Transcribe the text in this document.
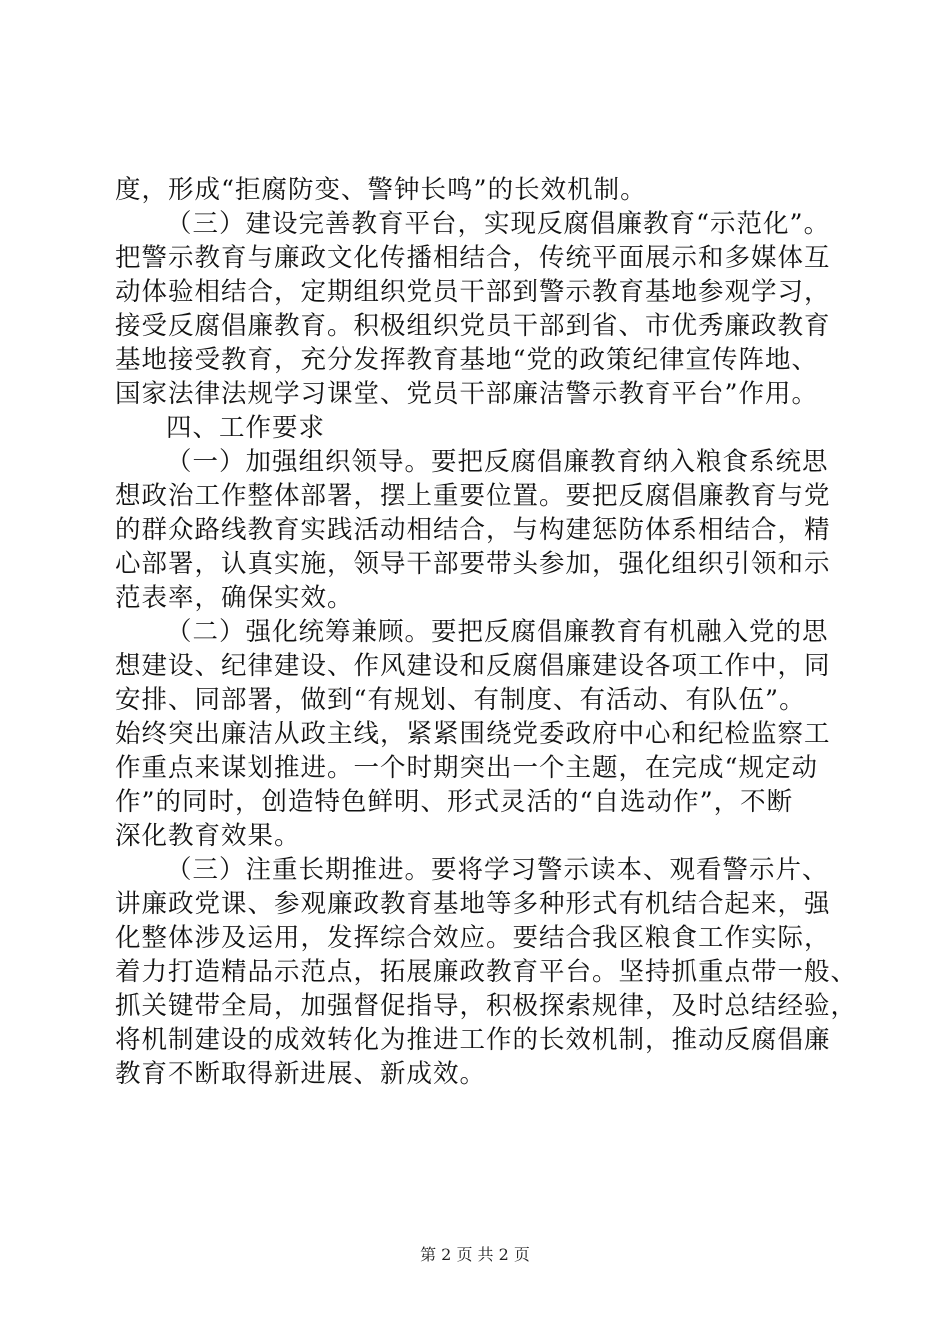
度，形成“拒腐防变、警钟长鸣”的长效机制。
（三）建设完善教育平台，实现反腐倡廉教育“示范化”。
把警示教育与廉政文化传播相结合，传统平面展示和多媒体互
动体验相结合，定期组织党员干部到警示教育基地参观学习，
接受反腐倡廉教育。积极组织党员干部到省、市优秀廉政教育
基地接受教育，充分发挥教育基地“党的政策纪律宣传阵地、
国家法律法规学习课堂、党员干部廉洁警示教育平台”作用。
四、工作要求
（一）加强组织领导。要把反腐倡廉教育纳入粮食系统思
想政治工作整体部署，摆上重要位置。要把反腐倡廉教育与党
的群众路线教育实践活动相结合，与构建惩防体系相结合，精
心部署，认真实施，领导干部要带头参加，强化组织引领和示
范表率，确保实效。
（二）强化统筹兼顾。要把反腐倡廉教育有机融入党的思
想建设、纪律建设、作风建设和反腐倡廉建设各项工作中，同
安排、同部署，做到“有规划、有制度、有活动、有队伍”。
始终突出廉洁从政主线，紧紧围绕党委政府中心和纪检监察工
作重点来谋划推进。一个时期突出一个主题，在完成“规定动
作”的同时，创造特色鲜明、形式灵活的“自选动作”，不断
深化教育效果。
（三）注重长期推进。要将学习警示读本、观看警示片、
讲廉政党课、参观廉政教育基地等多种形式有机结合起来，强
化整体涉及运用，发挥综合效应。要结合我区粮食工作实际，
着力打造精品示范点，拓展廉政教育平台。坚持抓重点带一般、
抓关键带全局，加强督促指导，积极探索规律，及时总结经验，
将机制建设的成效转化为推进工作的长效机制，推动反腐倡廉
教育不断取得新进展、新成效。
第 2 页 共 2 页
